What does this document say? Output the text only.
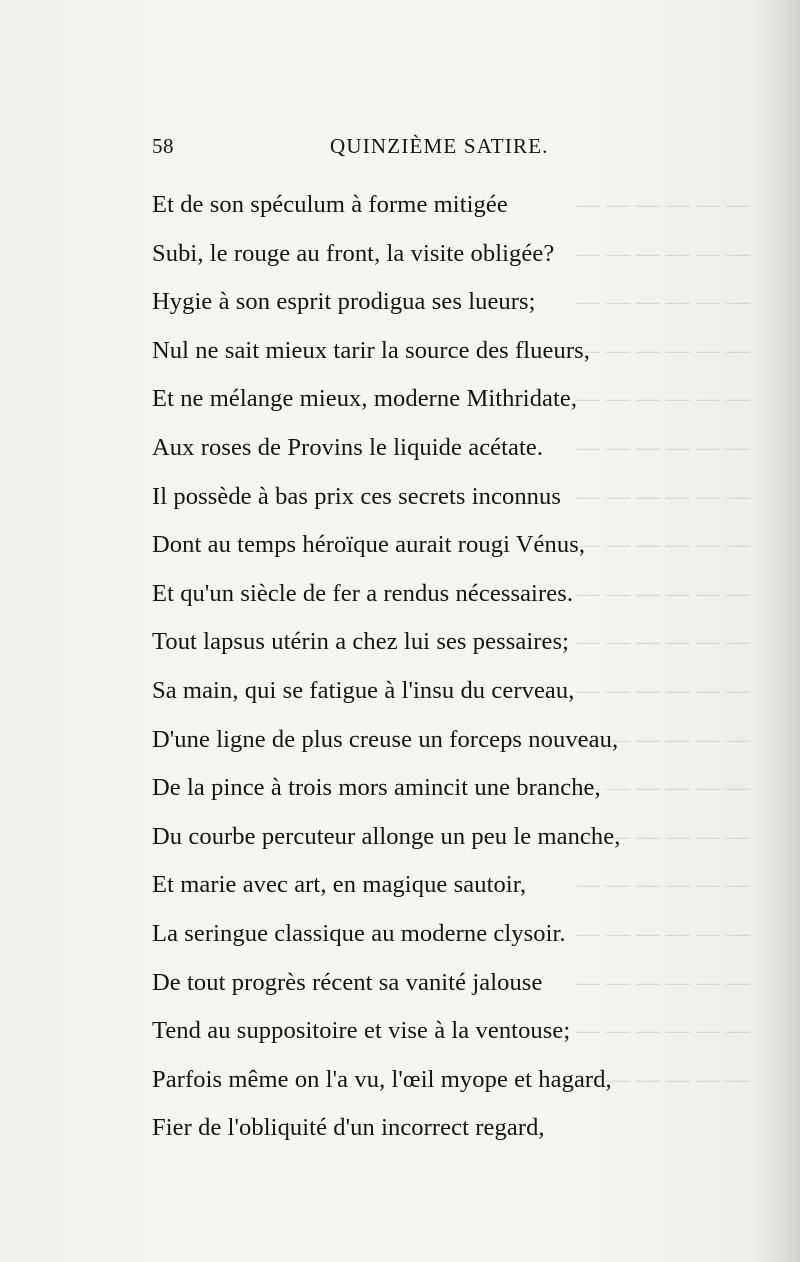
58	QUINZIÈME SATIRE.
― ― ― ― ― ―
― ― ― ― ― ―
― ― ― ― ― ―
― ― ― ― ― ―
― ― ― ― ― ―
― ― ― ― ― ―
― ― ― ― ― ―
― ― ― ― ― ―
― ― ― ― ― ―
― ― ― ― ― ―
― ― ― ― ― ―
― ― ― ― ― ―
― ― ― ― ― ―
― ― ― ― ― ―
― ― ― ― ― ―
― ― ― ― ― ―
― ― ― ― ― ―
― ― ― ― ― ―
― ― ― ― ― ―
Et de son spéculum à forme mitigée
Subi, le rouge au front, la visite obligée?
Hygie à son esprit prodigua ses lueurs;
Nul ne sait mieux tarir la source des flueurs,
Et ne mélange mieux, moderne Mithridate,
Aux roses de Provins le liquide acétate.
Il possède à bas prix ces secrets inconnus
Dont au temps héroïque aurait rougi Vénus,
Et qu'un siècle de fer a rendus nécessaires.
Tout lapsus utérin a chez lui ses pessaires;
Sa main, qui se fatigue à l'insu du cerveau,
D'une ligne de plus creuse un forceps nouveau,
De la pince à trois mors amincit une branche,
Du courbe percuteur allonge un peu le manche,
Et marie avec art, en magique sautoir,
La seringue classique au moderne clysoir.
De tout progrès récent sa vanité jalouse
Tend au suppositoire et vise à la ventouse;
Parfois même on l'a vu, l'œil myope et hagard,
Fier de l'obliquité d'un incorrect regard,
